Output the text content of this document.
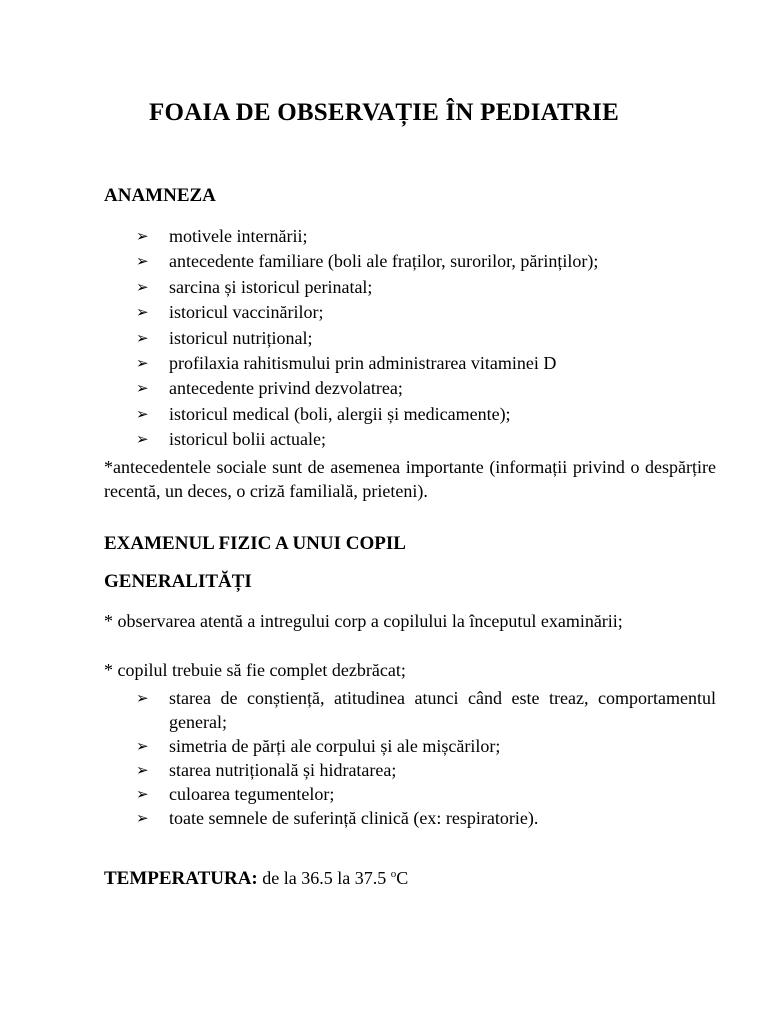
FOAIA DE OBSERVAȚIE ÎN PEDIATRIE
ANAMNEZA
➢ motivele internării;
➢ antecedente familiare (boli ale fraților, surorilor, părinților);
➢ sarcina și istoricul perinatal;
➢ istoricul vaccinărilor;
➢ istoricul nutrițional;
➢ profilaxia rahitismului prin administrarea vitaminei D
➢ antecedente privind dezvolatrea;
➢ istoricul medical (boli, alergii și medicamente);
➢ istoricul bolii actuale;
*antecedentele sociale sunt de asemenea importante (informații privind o despărțire recentă, un deces, o criză familială, prieteni).
EXAMENUL FIZIC A UNUI COPIL
GENERALITĂȚI
* observarea atentă a intregului corp a copilului la începutul examinării;
* copilul trebuie să fie complet dezbrăcat;
➢ starea de conștiență, atitudinea atunci când este treaz, comportamentul general;
➢ simetria de părți ale corpului și ale mișcărilor;
➢ starea nutrițională și hidratarea;
➢ culoarea tegumentelor;
➢ toate semnele de suferință clinică (ex: respiratorie).
TEMPERATURA: de la 36.5 la 37.5 $^o$C
